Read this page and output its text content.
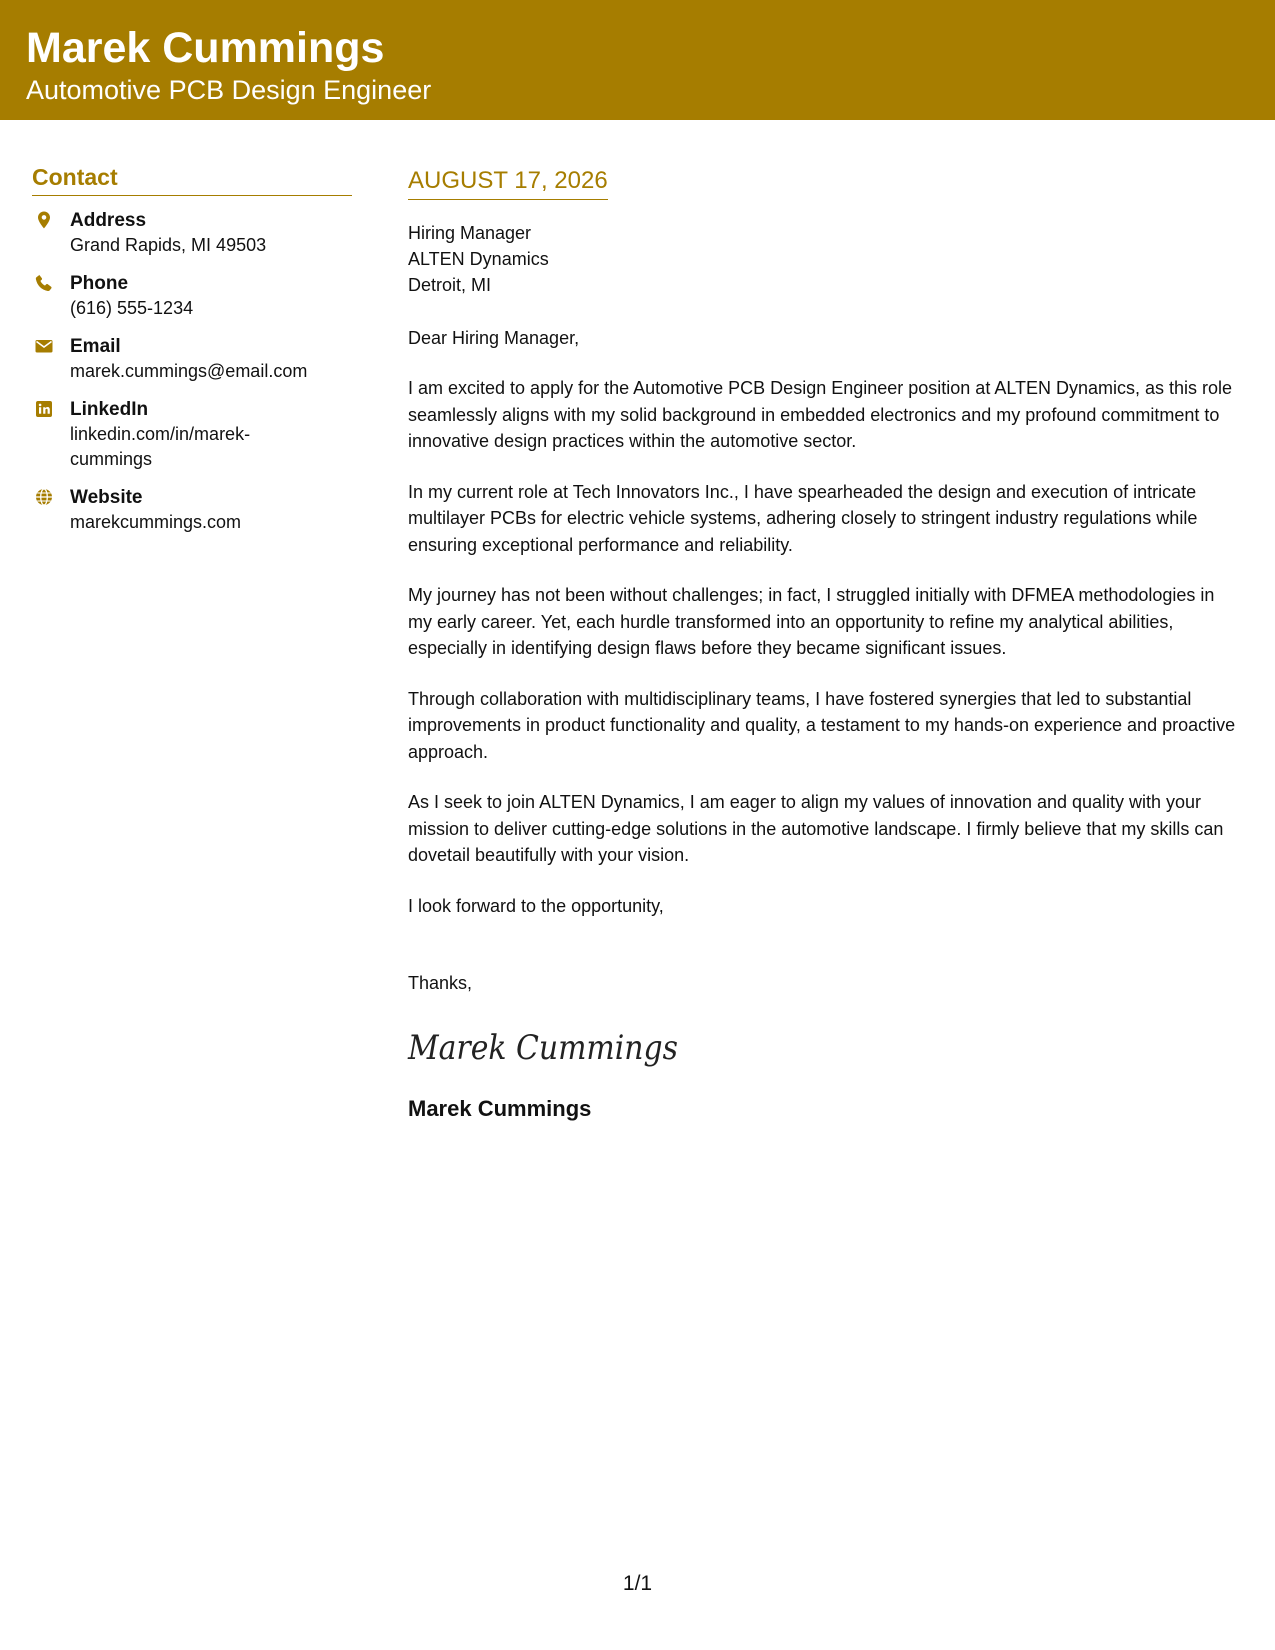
Marek Cummings
Automotive PCB Design Engineer
Contact
Address
Grand Rapids, MI 49503
Phone
(616) 555-1234
Email
marek.cummings@email.com
LinkedIn
linkedin.com/in/marek-cummings
Website
marekcummings.com
AUGUST 17, 2026
Hiring Manager
ALTEN Dynamics
Detroit, MI
Dear Hiring Manager,
I am excited to apply for the Automotive PCB Design Engineer position at ALTEN Dynamics, as this role seamlessly aligns with my solid background in embedded electronics and my profound commitment to innovative design practices within the automotive sector.
In my current role at Tech Innovators Inc., I have spearheaded the design and execution of intricate multilayer PCBs for electric vehicle systems, adhering closely to stringent industry regulations while ensuring exceptional performance and reliability.
My journey has not been without challenges; in fact, I struggled initially with DFMEA methodologies in my early career. Yet, each hurdle transformed into an opportunity to refine my analytical abilities, especially in identifying design flaws before they became significant issues.
Through collaboration with multidisciplinary teams, I have fostered synergies that led to substantial improvements in product functionality and quality, a testament to my hands-on experience and proactive approach.
As I seek to join ALTEN Dynamics, I am eager to align my values of innovation and quality with your mission to deliver cutting-edge solutions in the automotive landscape. I firmly believe that my skills can dovetail beautifully with your vision.
I look forward to the opportunity,
Thanks,
Marek Cummings
Marek Cummings
1/1
